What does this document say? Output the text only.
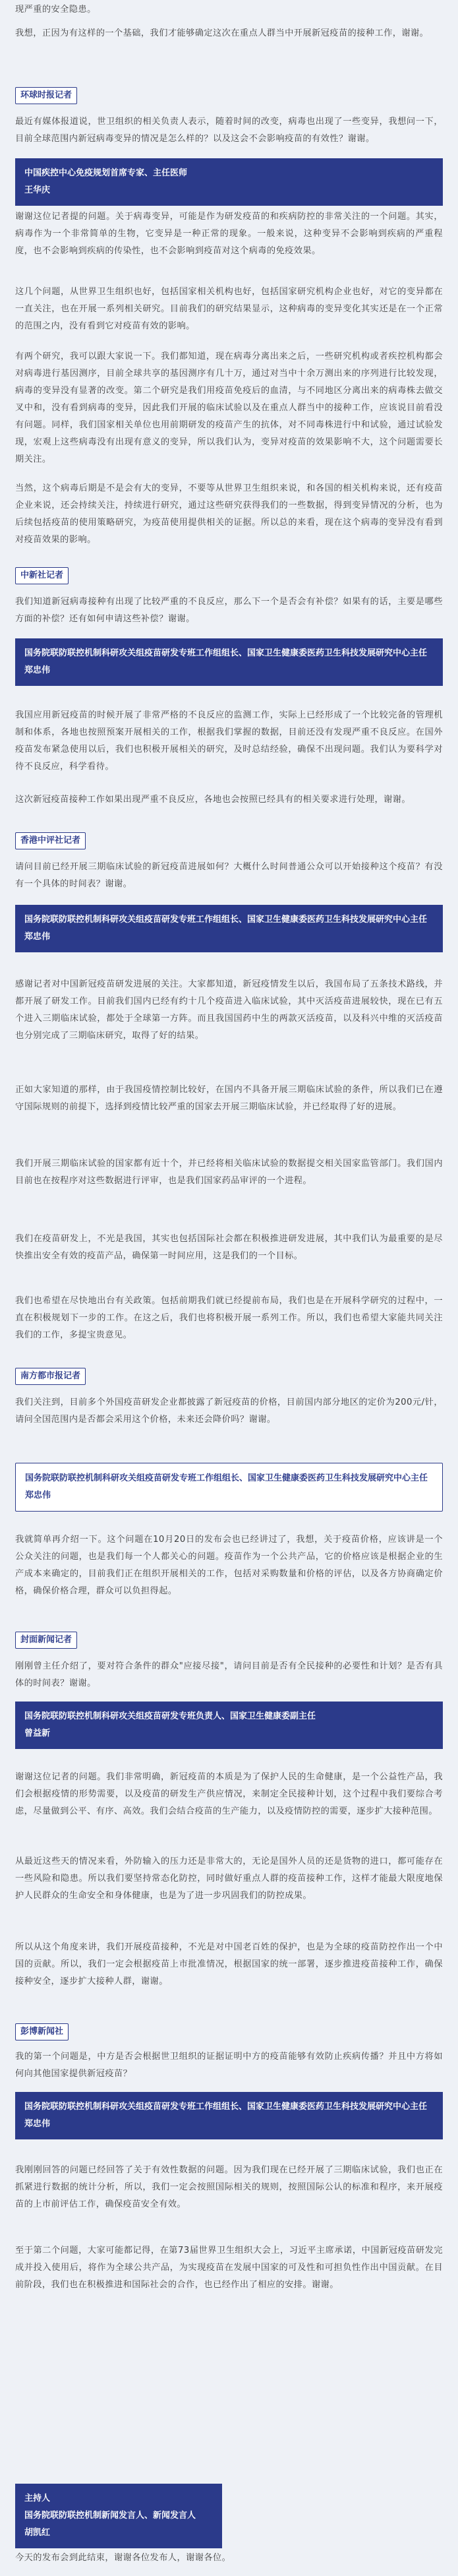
现严重的安全隐患。

我想，正因为有这样的一个基础，我们才能够确定这次在重点人群当中开展新冠疫苗的接种工作，谢谢。

环球时报记者

最近有媒体报道说，世卫组织的相关负责人表示，随着时间的改变，病毒也出现了一些变异，我想问一下，目前全球范围内新冠病毒变异的情况是怎么样的？以及这会不会影响疫苗的有效性？谢谢。

中国疾控中心免疫规划首席专家、主任医师
王华庆

谢谢这位记者提的问题。关于病毒变异，可能是作为研发疫苗的和疾病防控的非常关注的一个问题。其实，病毒作为一个非常简单的生物，它变异是一种正常的现象。一般来说，这种变异不会影响到疾病的严重程度，也不会影响到疾病的传染性，也不会影响到疫苗对这个病毒的免疫效果。

这几个问题，从世界卫生组织也好，包括国家相关机构也好，包括国家研究机构企业也好，对它的变异都在一直关注，也在开展一系列相关研究。目前我们的研究结果显示，这种病毒的变异变化其实还是在一个正常的范围之内，没有看到它对疫苗有效的影响。

有两个研究，我可以跟大家说一下。我们都知道，现在病毒分离出来之后，一些研究机构或者疾控机构都会对病毒进行基因测序，目前全球共享的基因测序有几十万，通过对当中十余万测出来的序列进行比较发现，病毒的变异没有显著的改变。第二个研究是我们用疫苗免疫后的血清，与不同地区分离出来的病毒株去做交叉中和，没有看到病毒的变异，因此我们开展的临床试验以及在重点人群当中的接种工作，应该说目前看没有问题。同样，我们国家相关单位也用前期研发的疫苗产生的抗体，对不同毒株进行中和试验，通过试验发现，宏观上这些病毒没有出现有意义的变异，所以我们认为，变异对疫苗的效果影响不大，这个问题需要长期关注。

当然，这个病毒后期是不是会有大的变异，不要等从世界卫生组织来说，和各国的相关机构来说，还有疫苗企业来说，还会持续关注，持续进行研究，通过这些研究获得我们的一些数据，得到变异情况的分析，也为后续包括疫苗的使用策略研究，为疫苗使用提供相关的证据。所以总的来看，现在这个病毒的变异没有看到对疫苗效果的影响。

中新社记者

我们知道新冠病毒接种有出现了比较严重的不良反应，那么下一个是否会有补偿？如果有的话，主要是哪些方面的补偿？还有如何申请这些补偿？谢谢。

国务院联防联控机制科研攻关组疫苗研发专班工作组组长、国家卫生健康委医药卫生科技发展研究中心主任
郑忠伟

我国应用新冠疫苗的时候开展了非常严格的不良反应的监测工作，实际上已经形成了一个比较完备的管理机制和体系，各地也按照预案开展相关的工作，根据我们掌握的数据，目前还没有发现严重不良反应。在国外疫苗发布紧急使用以后，我们也积极开展相关的研究，及时总结经验，确保不出现问题。我们认为要科学对待不良反应，科学看待。

这次新冠疫苗接种工作如果出现严重不良反应，各地也会按照已经具有的相关要求进行处理，谢谢。

香港中评社记者

请问目前已经开展三期临床试验的新冠疫苗进展如何？大概什么时间普通公众可以开始接种这个疫苗？有没有一个具体的时间表？谢谢。

国务院联防联控机制科研攻关组疫苗研发专班工作组组长、国家卫生健康委医药卫生科技发展研究中心主任
郑忠伟

感谢记者对中国新冠疫苗研发进展的关注。大家都知道，新冠疫情发生以后，我国布局了五条技术路线，并都开展了研发工作。目前我们国内已经有约十几个疫苗进入临床试验，其中灭活疫苗进展较快，现在已有五个进入三期临床试验，都处于全球第一方阵。而且我国国药中生的两款灭活疫苗，以及科兴中维的灭活疫苗也分别完成了三期临床研究，取得了好的结果。

正如大家知道的那样，由于我国疫情控制比较好，在国内不具备开展三期临床试验的条件，所以我们已在遵守国际规则的前提下，选择到疫情比较严重的国家去开展三期临床试验，并已经取得了好的进展。

我们开展三期临床试验的国家都有近十个，并已经将相关临床试验的数据提交相关国家监管部门。我们国内目前也在按程序对这些数据进行评审，也是我们国家药品审评的一个进程。

我们在疫苗研发上，不光是我国，其实也包括国际社会都在积极推进研发进展，其中我们认为最重要的是尽快推出安全有效的疫苗产品，确保第一时间应用，这是我们的一个目标。

我们也希望在尽快地出台有关政策。包括前期我们就已经提前布局，我们也是在开展科学研究的过程中，一直在积极规划下一步的工作。在这之后，我们也将积极开展一系列工作。所以，我们也希望大家能共同关注我们的工作，多提宝贵意见。

南方都市报记者

我们关注到，目前多个外国疫苗研发企业都披露了新冠疫苗的价格，目前国内部分地区的定价为200元/针，请问全国范围内是否都会采用这个价格，未来还会降价吗？谢谢。

国务院联防联控机制科研攻关组疫苗研发专班工作组组长、国家卫生健康委医药卫生科技发展研究中心主任
郑忠伟

我就简单再介绍一下。这个问题在10月20日的发布会也已经讲过了，我想，关于疫苗价格，应该讲是一个公众关注的问题，也是我们每一个人都关心的问题。疫苗作为一个公共产品，它的价格应该是根据企业的生产成本来确定的，目前我们正在组织开展相关的工作，包括对采购数量和价格的评估，以及各方协商确定价格，确保价格合理，群众可以负担得起。

封面新闻记者

刚刚曾主任介绍了，要对符合条件的群众"应接尽接"，请问目前是否有全民接种的必要性和计划？是否有具体的时间表？谢谢。

国务院联防联控机制科研攻关组疫苗研发专班负责人、国家卫生健康委副主任
曾益新

谢谢这位记者的问题。我们非常明确，新冠疫苗的本质是为了保护人民的生命健康，是一个公益性产品，我们会根据疫情的形势需要，以及疫苗的研发生产供应情况，来制定全民接种计划，这个过程中我们要综合考虑，尽量做到公平、有序、高效。我们会结合疫苗的生产能力，以及疫情防控的需要，逐步扩大接种范围。

从最近这些天的情况来看，外防输入的压力还是非常大的，无论是国外人员的还是货物的进口，都可能存在一些风险和隐患。所以我们要坚持常态化防控，同时做好重点人群的疫苗接种工作，这样才能最大限度地保护人民群众的生命安全和身体健康，也是为了进一步巩固我们的防控成果。

所以从这个角度来讲，我们开展疫苗接种，不光是对中国老百姓的保护，也是为全球的疫苗防控作出一个中国的贡献。所以，我们一定会根据疫苗上市批准情况，根据国家的统一部署，逐步推进疫苗接种工作，确保接种安全，逐步扩大接种人群，谢谢。

彭博新闻社

我的第一个问题是，中方是否会根据世卫组织的证据证明中方的疫苗能够有效防止疾病传播？并且中方将如何向其他国家提供新冠疫苗？

国务院联防联控机制科研攻关组疫苗研发专班工作组组长、国家卫生健康委医药卫生科技发展研究中心主任
郑忠伟

我刚刚回答的问题已经回答了关于有效性数据的问题。因为我们现在已经开展了三期临床试验，我们也正在抓紧进行数据的统计分析，所以，我们一定会按照国际相关的规则，按照国际公认的标准和程序，来开展疫苗的上市前评估工作，确保疫苗安全有效。

至于第二个问题，大家可能都记得，在第73届世界卫生组织大会上，习近平主席承诺，中国新冠疫苗研发完成并投入使用后，将作为全球公共产品，为实现疫苗在发展中国家的可及性和可担负性作出中国贡献。在目前阶段，我们也在积极推进和国际社会的合作，也已经作出了相应的安排。谢谢。

主持人
国务院联防联控机制新闻发言人、新闻发言人
胡凯红

今天的发布会到此结束，谢谢各位发布人，谢谢各位。
